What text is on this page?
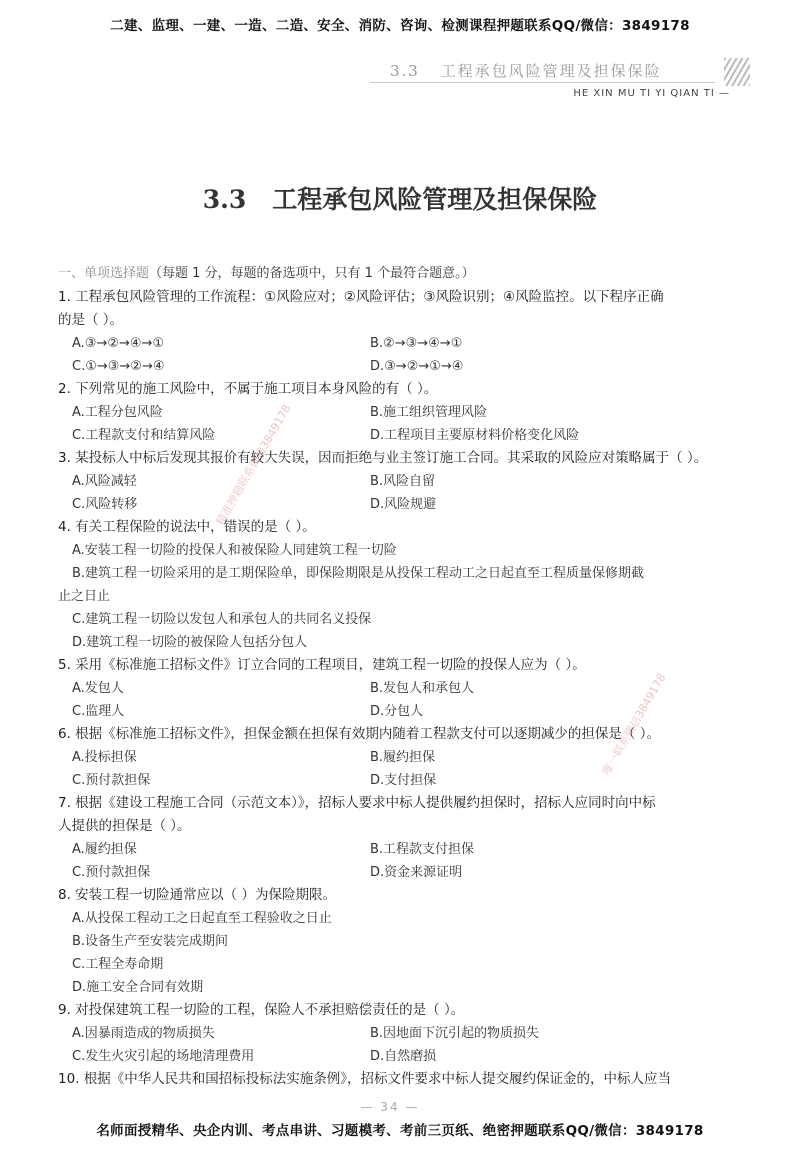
二建、监理、一建、一造、二造、安全、消防、咨询、检测课程押题联系QQ/微信：3849178
3.3 工程承包风险管理及担保保险
HE XIN MU TI YI QIAN TI —
3.3 工程承包风险管理及担保保险
一、单项选择题（每题 1 分，每题的备选项中，只有 1 个最符合题意。）
1. 工程承包风险管理的工作流程：①风险应对；②风险评估；③风险识别；④风险监控。以下程序正确
的是（ ）。
A.③→②→④→①	B.②→③→④→①
C.①→③→②→④	D.③→②→①→④
2. 下列常见的施工风险中，不属于施工项目本身风险的有（ ）。
A.工程分包风险	B.施工组织管理风险
C.工程款支付和结算风险	D.工程项目主要原材料价格变化风险
3. 某投标人中标后发现其报价有较大失误，因而拒绝与业主签订施工合同。其采取的风险应对策略属于（ ）。
A.风险减轻	B.风险自留
C.风险转移	D.风险规避
4. 有关工程保险的说法中，错误的是（ ）。
A.安装工程一切险的投保人和被保险人同建筑工程一切险
B.建筑工程一切险采用的是工期保险单，即保险期限是从投保工程动工之日起直至工程质量保修期截
止之日止
C.建筑工程一切险以发包人和承包人的共同名义投保
D.建筑工程一切险的被保险人包括分包人
5. 采用《标准施工招标文件》订立合同的工程项目，建筑工程一切险的投保人应为（ ）。
A.发包人	B.发包人和承包人
C.监理人	D.分包人
6. 根据《标准施工招标文件》，担保金额在担保有效期内随着工程款支付可以逐期减少的担保是（ ）。
A.投标担保	B.履约担保
C.预付款担保	D.支付担保
7. 根据《建设工程施工合同（示范文本）》，招标人要求中标人提供履约担保时，招标人应同时向中标
人提供的担保是（ ）。
A.履约担保	B.工程款支付担保
C.预付款担保	D.资金来源证明
8. 安装工程一切险通常应以（ ）为保险期限。
A.从投保工程动工之日起直至工程验收之日止
B.设备生产至安装完成期间
C.工程全寿命期
D.施工安全合同有效期
9. 对投保建筑工程一切险的工程，保险人不承担赔偿责任的是（ ）。
A.因暴雨造成的物质损失	B.因地面下沉引起的物质损失
C.发生火灾引起的场地清理费用	D.自然磨损
10. 根据《中华人民共和国招标投标法实施条例》，招标文件要求中标人提交履约保证金的，中标人应当
精准押题联系微信3849178
唯一联系微信3849178
— 34 —
名师面授精华、央企内训、考点串讲、习题模考、考前三页纸、绝密押题联系QQ/微信：3849178
